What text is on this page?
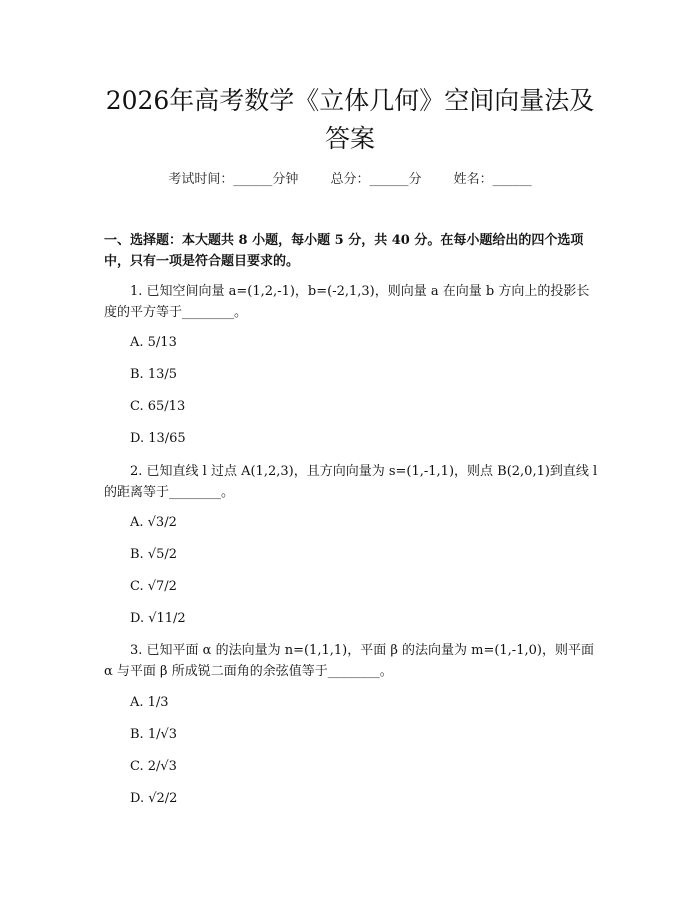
2026年高考数学《立体几何》空间向量法及
答案
考试时间：______分钟 总分：______分 姓名：______
一、选择题：本大题共 8 小题，每小题 5 分，共 40 分。在每小题给出的四个选项中，只有一项是符合题目要求的。
1. 已知空间向量 a=(1,2,-1)，b=(-2,1,3)，则向量 a 在向量 b 方向上的投影长度的平方等于________。
A. 5/13
B. 13/5
C. 65/13
D. 13/65
2. 已知直线 l 过点 A(1,2,3)，且方向向量为 s=(1,-1,1)，则点 B(2,0,1)到直线 l 的距离等于________。
A. √3/2
B. √5/2
C. √7/2
D. √11/2
3. 已知平面 α 的法向量为 n=(1,1,1)，平面 β 的法向量为 m=(1,-1,0)，则平面 α 与平面 β 所成锐二面角的余弦值等于________。
A. 1/3
B. 1/√3
C. 2/√3
D. √2/2
